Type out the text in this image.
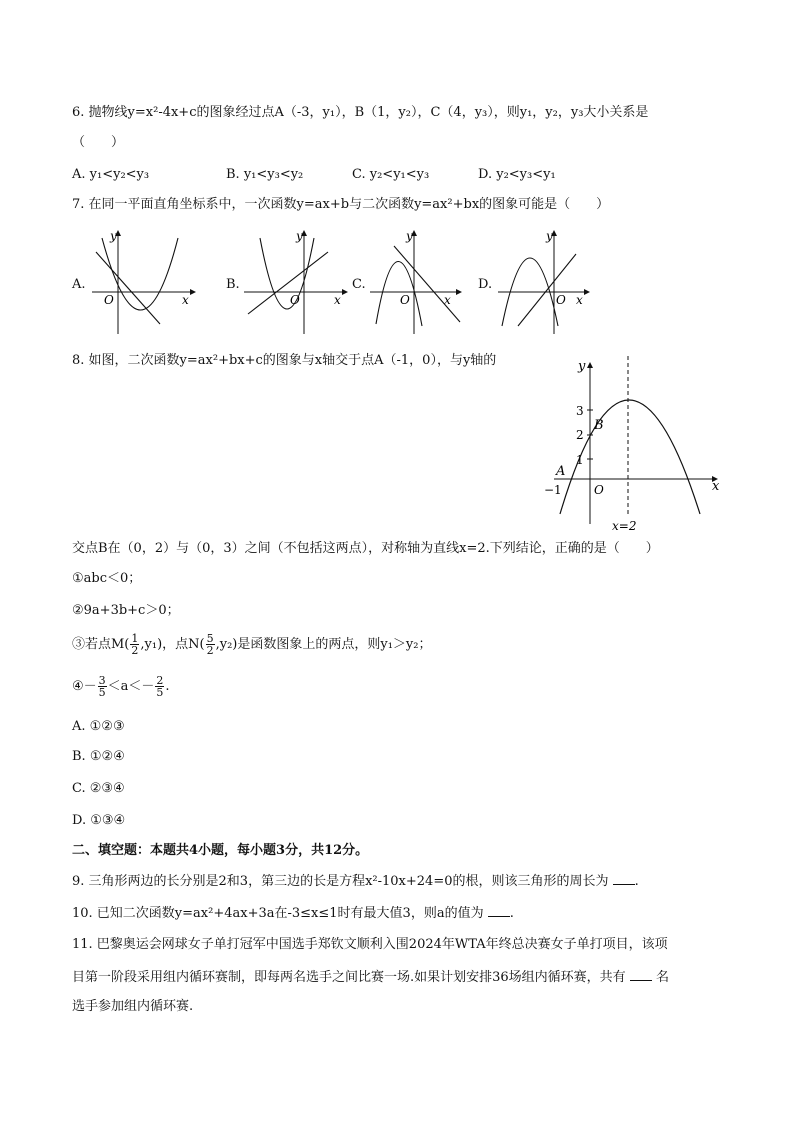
6. 抛物线y=x²-4x+c的图象经过点A（-3，y₁），B（1，y₂），C（4，y₃），则y₁，y₂，y₃大小关系是
（　　）
A. y₁<y₂<y₃	B. y₁<y₃<y₂	C. y₂<y₁<y₃	D. y₂<y₃<y₁
7. 在同一平面直角坐标系中，一次函数y=ax+b与二次函数y=ax²+bx的图象可能是（　　）
A.	B.	C.	D.
y
x
O
y
x
O
y
x
O
y
x
O
8. 如图，二次函数y=ax²+bx+c的图象与x轴交于点A（-1，0），与y轴的	y
x
O
3
2
1
−1
B
A
x=2
交点B在（0，2）与（0，3）之间（不包括这两点），对称轴为直线x=2.下列结论，正确的是（　　）
①abc＜0；
②9a+3b+c＞0；
③若点$M( \frac{1}{2} ,y_1)$，点$N( \frac{5}{2} ,y_2)$是函数图象上的两点，则y₁＞y₂；
④－ $\frac{3}{5} <a<- \frac{2}{5}$ .
A. ①②③
B. ①②④
C. ②③④
D. ①③④
二、填空题：本题共4小题，每小题3分，共12分。
9. 三角形两边的长分别是2和3，第三边的长是方程x²-10x+24=0的根，则该三角形的周长为 .
10. 已知二次函数y=ax²+4ax+3a在-3≤x≤1时有最大值3，则a的值为 .
11. 巴黎奥运会网球女子单打冠军中国选手郑钦文顺利入围2024年WTA年终总决赛女子单打项目，该项
目第一阶段采用组内循环赛制，即每两名选手之间比赛一场.如果计划安排36场组内循环赛，共有 名
选手参加组内循环赛.
